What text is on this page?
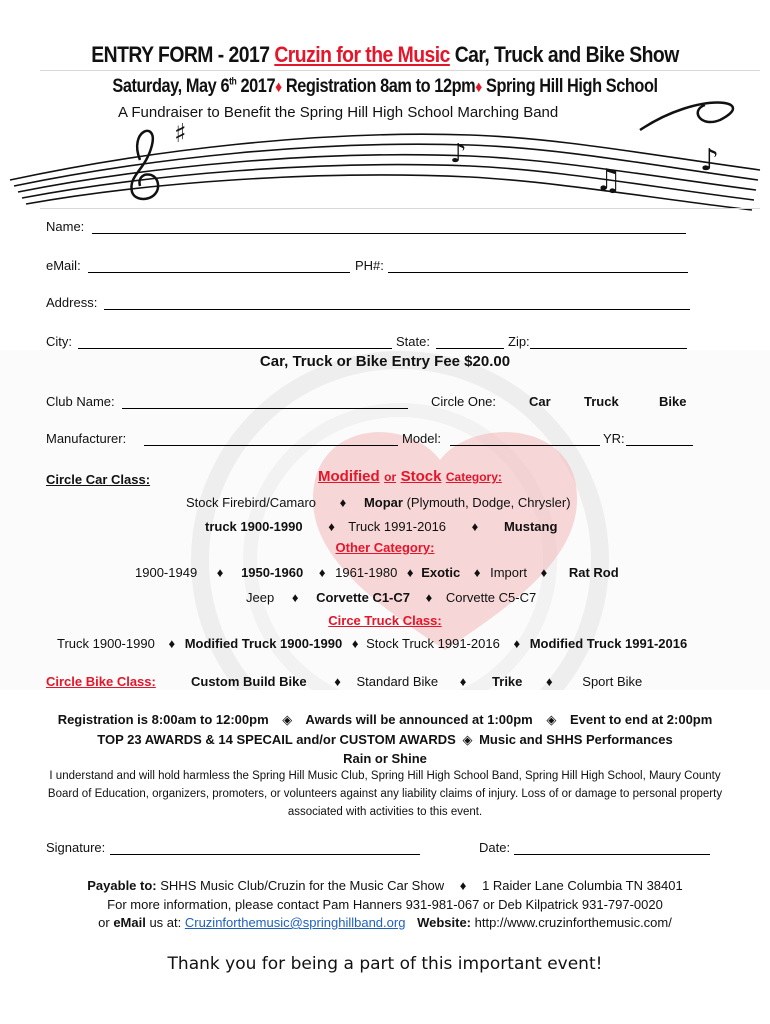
ENTRY FORM - 2017 Cruzin for the Music Car, Truck and Bike Show
Saturday, May 6th 2017♦ Registration 8am to 12pm♦ Spring Hill High School
A Fundraiser to Benefit the Spring Hill High School Marching Band
♯
♪
♫
♪
Name:
eMail:	PH#:
Address:
City:	State:	Zip:
Car, Truck or Bike Entry Fee $20.00
Club Name:	Circle One:	Car	Truck	Bike
Manufacturer:	Model:	YR:
Circle Car Class:	Modified or Stock Category:
Stock Firebird/Camaro ♦ Mopar (Plymouth, Dodge, Chrysler)
truck 1900-1990 ♦ Truck 1991-2016 ♦ Mustang
Other Category:
1900-1949 ♦ 1950-1960 ♦ 1961-1980 ♦ Exotic ♦ Import ♦ Rat Rod
Jeep ♦ Corvette C1-C7 ♦ Corvette C5-C7
Circe Truck Class:
Truck 1900-1990 ♦ Modified Truck 1900-1990 ♦ Stock Truck 1991-2016 ♦ Modified Truck 1991-2016
Circle Bike Class:	Custom Build Bike ♦ Standard Bike ♦ Trike ♦ Sport Bike
Registration is 8:00am to 12:00pm ◈ Awards will be announced at 1:00pm ◈ Event to end at 2:00pm
TOP 23 AWARDS & 14 SPECAIL and/or CUSTOM AWARDS ◈ Music and SHHS Performances
Rain or Shine
I understand and will hold harmless the Spring Hill Music Club, Spring Hill High School Band, Spring Hill High School, Maury County Board of Education, organizers, promoters, or volunteers against any liability claims of injury. Loss of or damage to personal property associated with activities to this event.
Signature:	Date:
Payable to: SHHS Music Club/Cruzin for the Music Car Show ♦ 1 Raider Lane Columbia TN 38401
For more information, please contact Pam Hanners 931-981-067 or Deb Kilpatrick 931-797-0020
or eMail us at: Cruzinforthemusic@springhillband.org Website: http://www.cruzinforthemusic.com/
Thank you for being a part of this important event!
